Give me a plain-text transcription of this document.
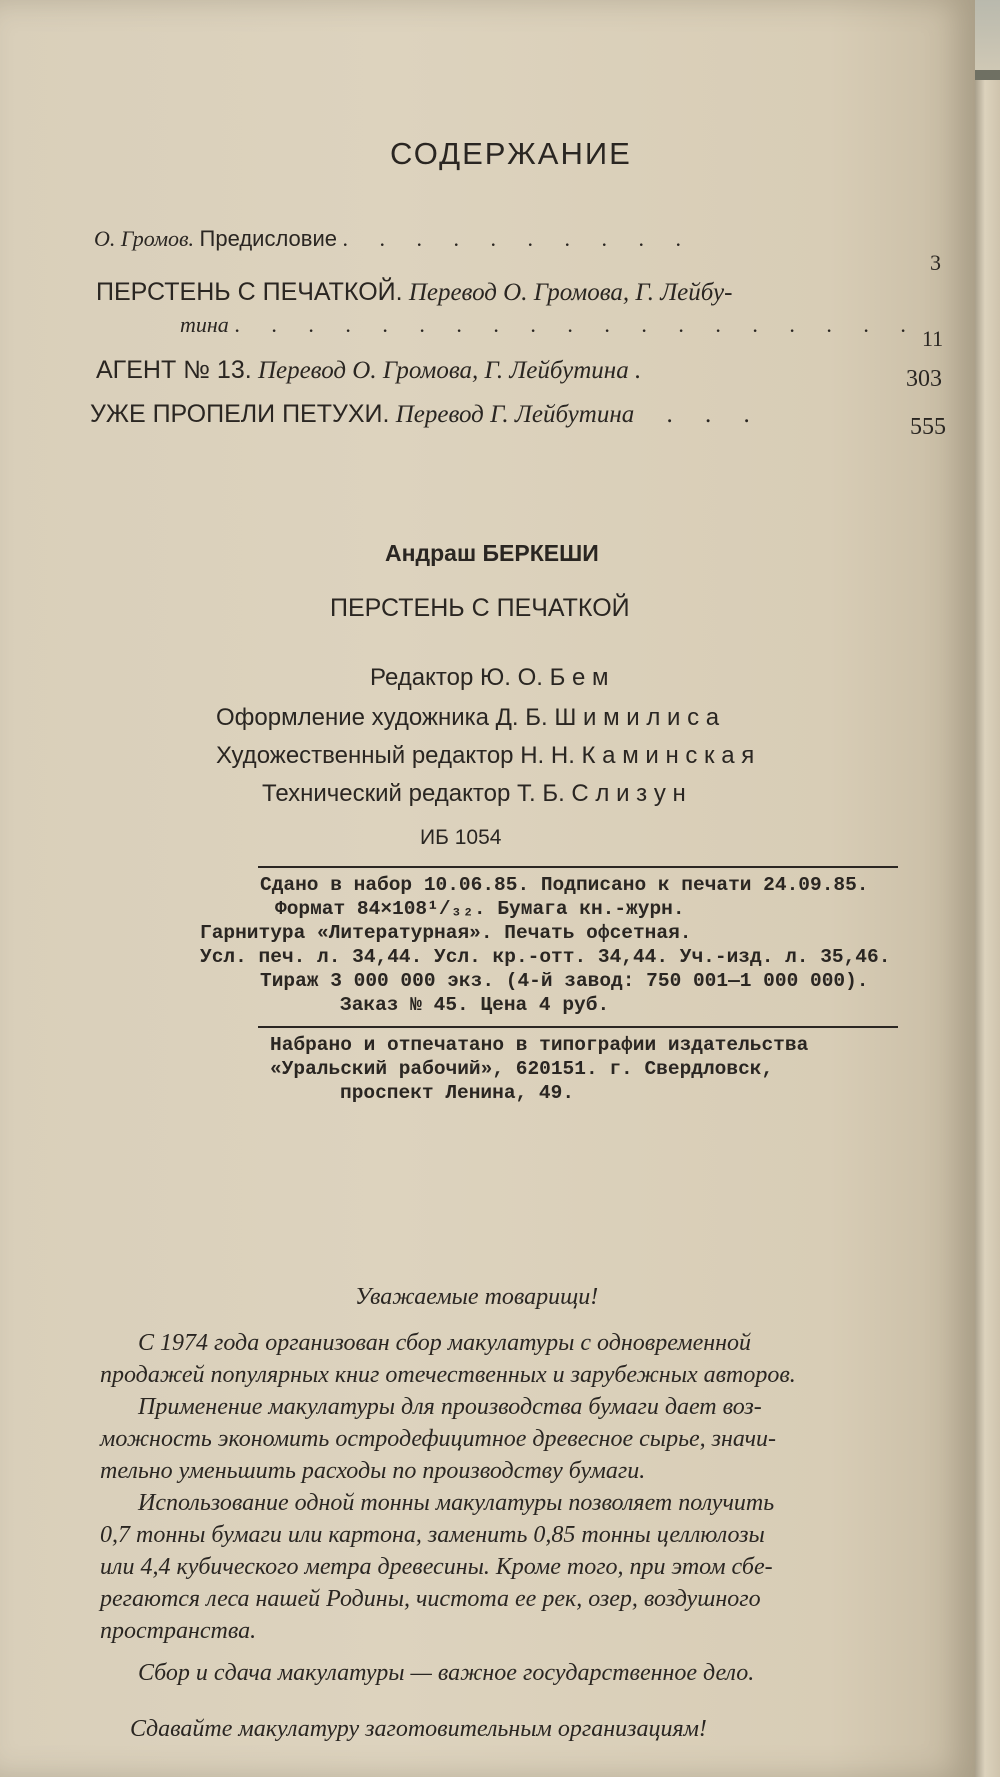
СОДЕРЖАНИЕ
О. Громов. Предисловие . . . . . . . . . .
3
ПЕРСТЕНЬ С ПЕЧАТКОЙ. Перевод О. Громова, Г. Лейбу-
тина . . . . . . . . . . . . . . . . . . .
11
АГЕНТ № 13. Перевод О. Громова, Г. Лейбутина .	303
УЖЕ ПРОПЕЛИ ПЕТУХИ. Перевод Г. Лейбутина . . .	555
Андраш БЕРКЕШИ
ПЕРСТЕНЬ С ПЕЧАТКОЙ
Редактор Ю. О. Б е м
Оформление художника Д. Б. Ш и м и л и с а
Художественный редактор Н. Н. К а м и н с к а я
Технический редактор Т. Б. С л и з у н
ИБ 1054
Сдано в набор 10.06.85. Подписано к печати 24.09.85.
Формат 84×108¹/₃₂. Бумага кн.-журн.
Гарнитура «Литературная». Печать офсетная.
Усл. печ. л. 34,44. Усл. кр.-отт. 34,44. Уч.-изд. л. 35,46.
Тираж 3 000 000 экз. (4-й завод: 750 001—1 000 000).
Заказ № 45. Цена 4 руб.
Набрано и отпечатано в типографии издательства
«Уральский рабочий», 620151. г. Свердловск,
проспект Ленина, 49.
Уважаемые товарищи!
С 1974 года организован сбор макулатуры с одновременной
продажей популярных книг отечественных и зарубежных авторов.
Применение макулатуры для производства бумаги дает воз-
можность экономить остродефицитное древесное сырье, значи-
тельно уменьшить расходы по производству бумаги.
Использование одной тонны макулатуры позволяет получить
0,7 тонны бумаги или картона, заменить 0,85 тонны целлюлозы
или 4,4 кубического метра древесины. Кроме того, при этом сбе-
регаются леса нашей Родины, чистота ее рек, озер, воздушного
пространства.
Сбор и сдача макулатуры — важное государственное дело.
Сдавайте макулатуру заготовительным организациям!
